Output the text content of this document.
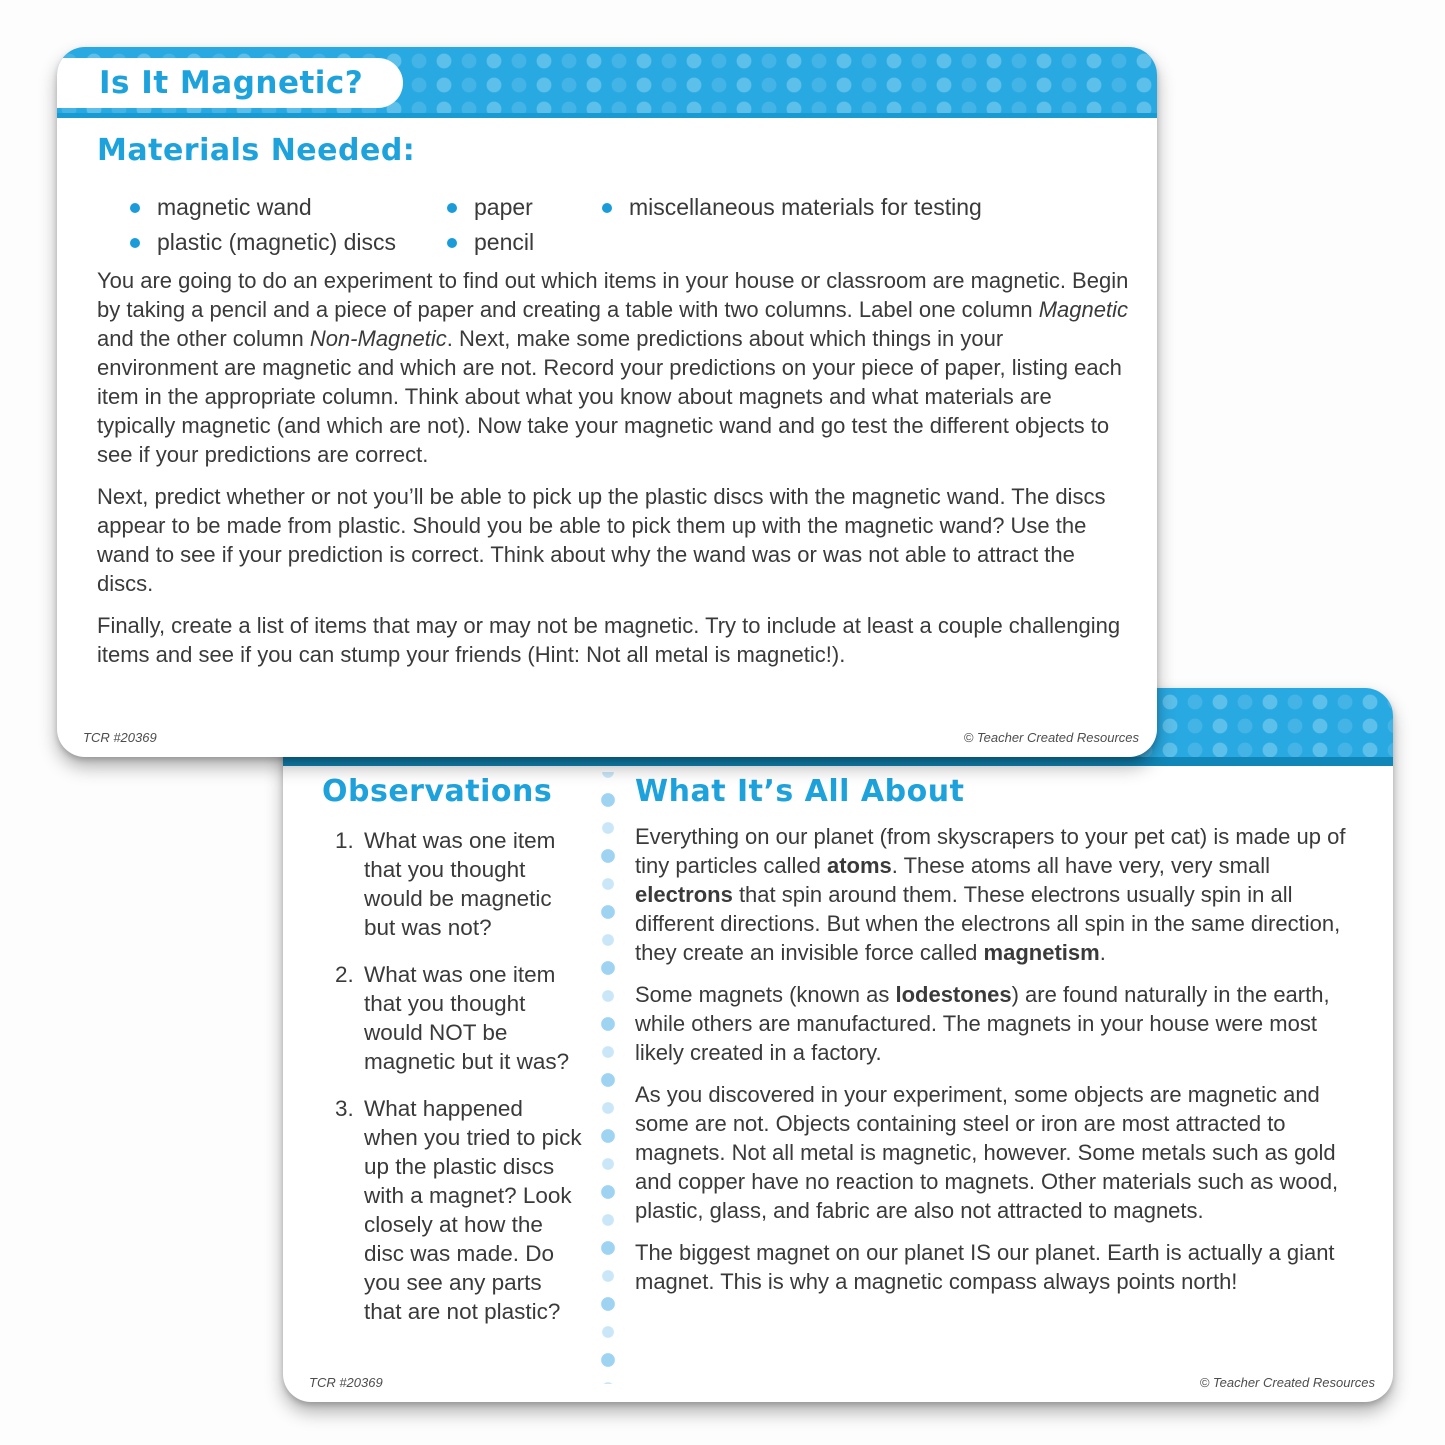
Observations
1. What was one item that you thought would be magnetic but was not?
2. What was one item that you thought would NOT be magnetic but it was?
3. What happened when you tried to pick up the plastic discs with a magnet? Look closely at how the disc was made. Do you see any parts that are not plastic?
What It’s All About

Everything on our planet (from skyscrapers to your pet cat) is made up of tiny particles called atoms. These atoms all have very, very small electrons that spin around them. These electrons usually spin in all different directions. But when the electrons all spin in the same direction, they create an invisible force called magnetism.

Some magnets (known as lodestones) are found naturally in the earth, while others are manufactured. The magnets in your house were most likely created in a factory.

As you discovered in your experiment, some objects are magnetic and some are not. Objects containing steel or iron are most attracted to magnets. Not all metal is magnetic, however. Some metals such as gold and copper have no reaction to magnets. Other materials such as wood, plastic, glass, and fabric are also not attracted to magnets.

The biggest magnet on our planet IS our planet. Earth is actually a giant magnet. This is why a magnetic compass always points north!

TCR #20369	© Teacher Created Resources
Is It Magnetic?
Materials Needed:
magnetic wand
plastic (magnetic) discs
paper
pencil
miscellaneous materials for testing

You are going to do an experiment to find out which items in your house or classroom are magnetic. Begin by taking a pencil and a piece of paper and creating a table with two columns. Label one column Magnetic and the other column Non-Magnetic. Next, make some predictions about which things in your environment are magnetic and which are not. Record your predictions on your piece of paper, listing each item in the appropriate column. Think about what you know about magnets and what materials are typically magnetic (and which are not). Now take your magnetic wand and go test the different objects to see if your predictions are correct.

Next, predict whether or not you’ll be able to pick up the plastic discs with the magnetic wand. The discs appear to be made from plastic. Should you be able to pick them up with the magnetic wand? Use the wand to see if your prediction is correct. Think about why the wand was or was not able to attract the discs.

Finally, create a list of items that may or may not be magnetic. Try to include at least a couple challenging items and see if you can stump your friends (Hint: Not all metal is magnetic!).

TCR #20369	© Teacher Created Resources
